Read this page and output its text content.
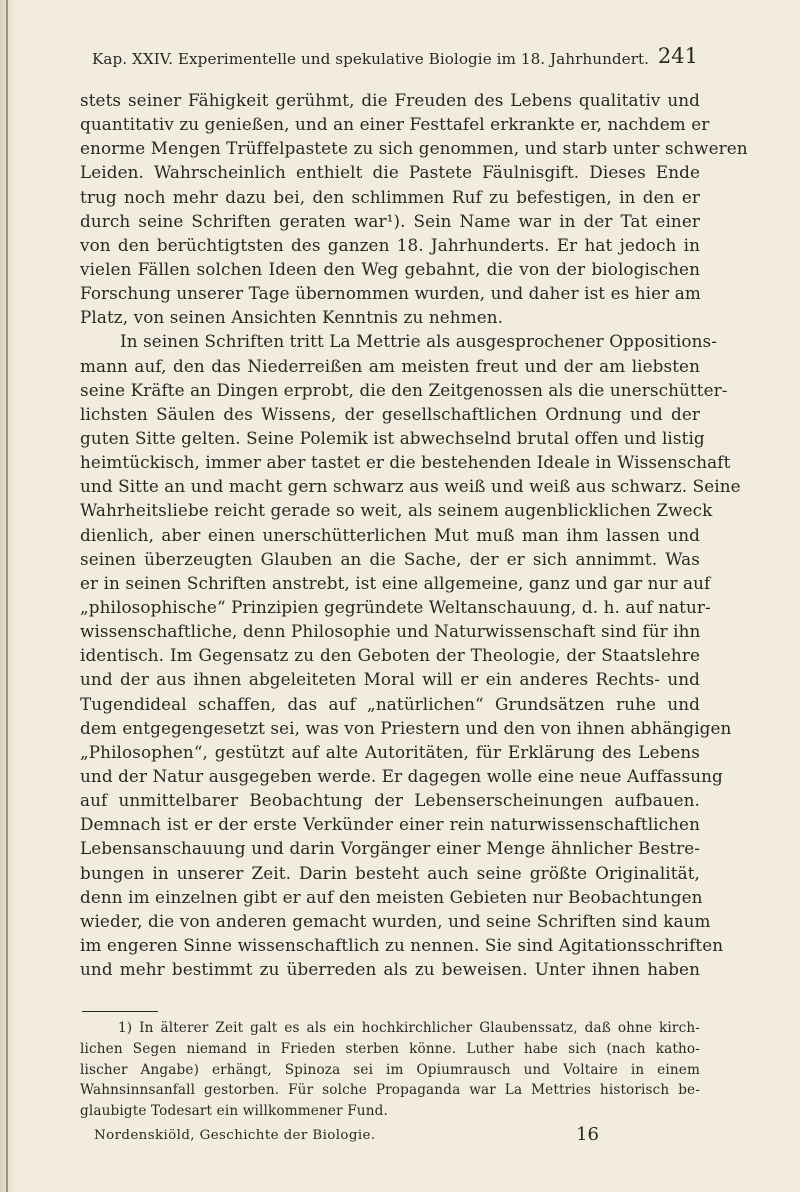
Kap. XXIV. Experimentelle und spekulative Biologie im 18. Jahrhundert. 241
stets seiner Fähigkeit gerühmt, die Freuden des Lebens qualitativ und
quantitativ zu genießen, und an einer Festtafel erkrankte er, nachdem er
enorme Mengen Trüffelpastete zu sich genommen, und starb unter schweren
Leiden. Wahrscheinlich enthielt die Pastete Fäulnisgift. Dieses Ende
trug noch mehr dazu bei, den schlimmen Ruf zu befestigen, in den er
durch seine Schriften geraten war¹). Sein Name war in der Tat einer
von den berüchtigtsten des ganzen 18. Jahrhunderts. Er hat jedoch in
vielen Fällen solchen Ideen den Weg gebahnt, die von der biologischen
Forschung unserer Tage übernommen wurden, und daher ist es hier am
Platz, von seinen Ansichten Kenntnis zu nehmen.
In seinen Schriften tritt La Mettrie als ausgesprochener Oppositions-
mann auf, den das Niederreißen am meisten freut und der am liebsten
seine Kräfte an Dingen erprobt, die den Zeitgenossen als die unerschütter-
lichsten Säulen des Wissens, der gesellschaftlichen Ordnung und der
guten Sitte gelten. Seine Polemik ist abwechselnd brutal offen und listig
heimtückisch, immer aber tastet er die bestehenden Ideale in Wissenschaft
und Sitte an und macht gern schwarz aus weiß und weiß aus schwarz. Seine
Wahrheitsliebe reicht gerade so weit, als seinem augenblicklichen Zweck
dienlich, aber einen unerschütterlichen Mut muß man ihm lassen und
seinen überzeugten Glauben an die Sache, der er sich annimmt. Was
er in seinen Schriften anstrebt, ist eine allgemeine, ganz und gar nur auf
„philosophische“ Prinzipien gegründete Weltanschauung, d. h. auf natur-
wissenschaftliche, denn Philosophie und Naturwissenschaft sind für ihn
identisch. Im Gegensatz zu den Geboten der Theologie, der Staatslehre
und der aus ihnen abgeleiteten Moral will er ein anderes Rechts- und
Tugendideal schaffen, das auf „natürlichen“ Grundsätzen ruhe und
dem entgegengesetzt sei, was von Priestern und den von ihnen abhängigen
„Philosophen“, gestützt auf alte Autoritäten, für Erklärung des Lebens
und der Natur ausgegeben werde. Er dagegen wolle eine neue Auffassung
auf unmittelbarer Beobachtung der Lebenserscheinungen aufbauen.
Demnach ist er der erste Verkünder einer rein naturwissenschaftlichen
Lebensanschauung und darin Vorgänger einer Menge ähnlicher Bestre-
bungen in unserer Zeit. Darin besteht auch seine größte Originalität,
denn im einzelnen gibt er auf den meisten Gebieten nur Beobachtungen
wieder, die von anderen gemacht wurden, und seine Schriften sind kaum
im engeren Sinne wissenschaftlich zu nennen. Sie sind Agitationsschriften
und mehr bestimmt zu überreden als zu beweisen. Unter ihnen haben
1) In älterer Zeit galt es als ein hochkirchlicher Glaubenssatz, daß ohne kirch-
lichen Segen niemand in Frieden sterben könne. Luther habe sich (nach katho-
lischer Angabe) erhängt, Spinoza sei im Opiumrausch und Voltaire in einem
Wahnsinnsanfall gestorben. Für solche Propaganda war La Mettries historisch be-
glaubigte Todesart ein willkommener Fund.
Nordenskiöld, Geschichte der Biologie.	16
